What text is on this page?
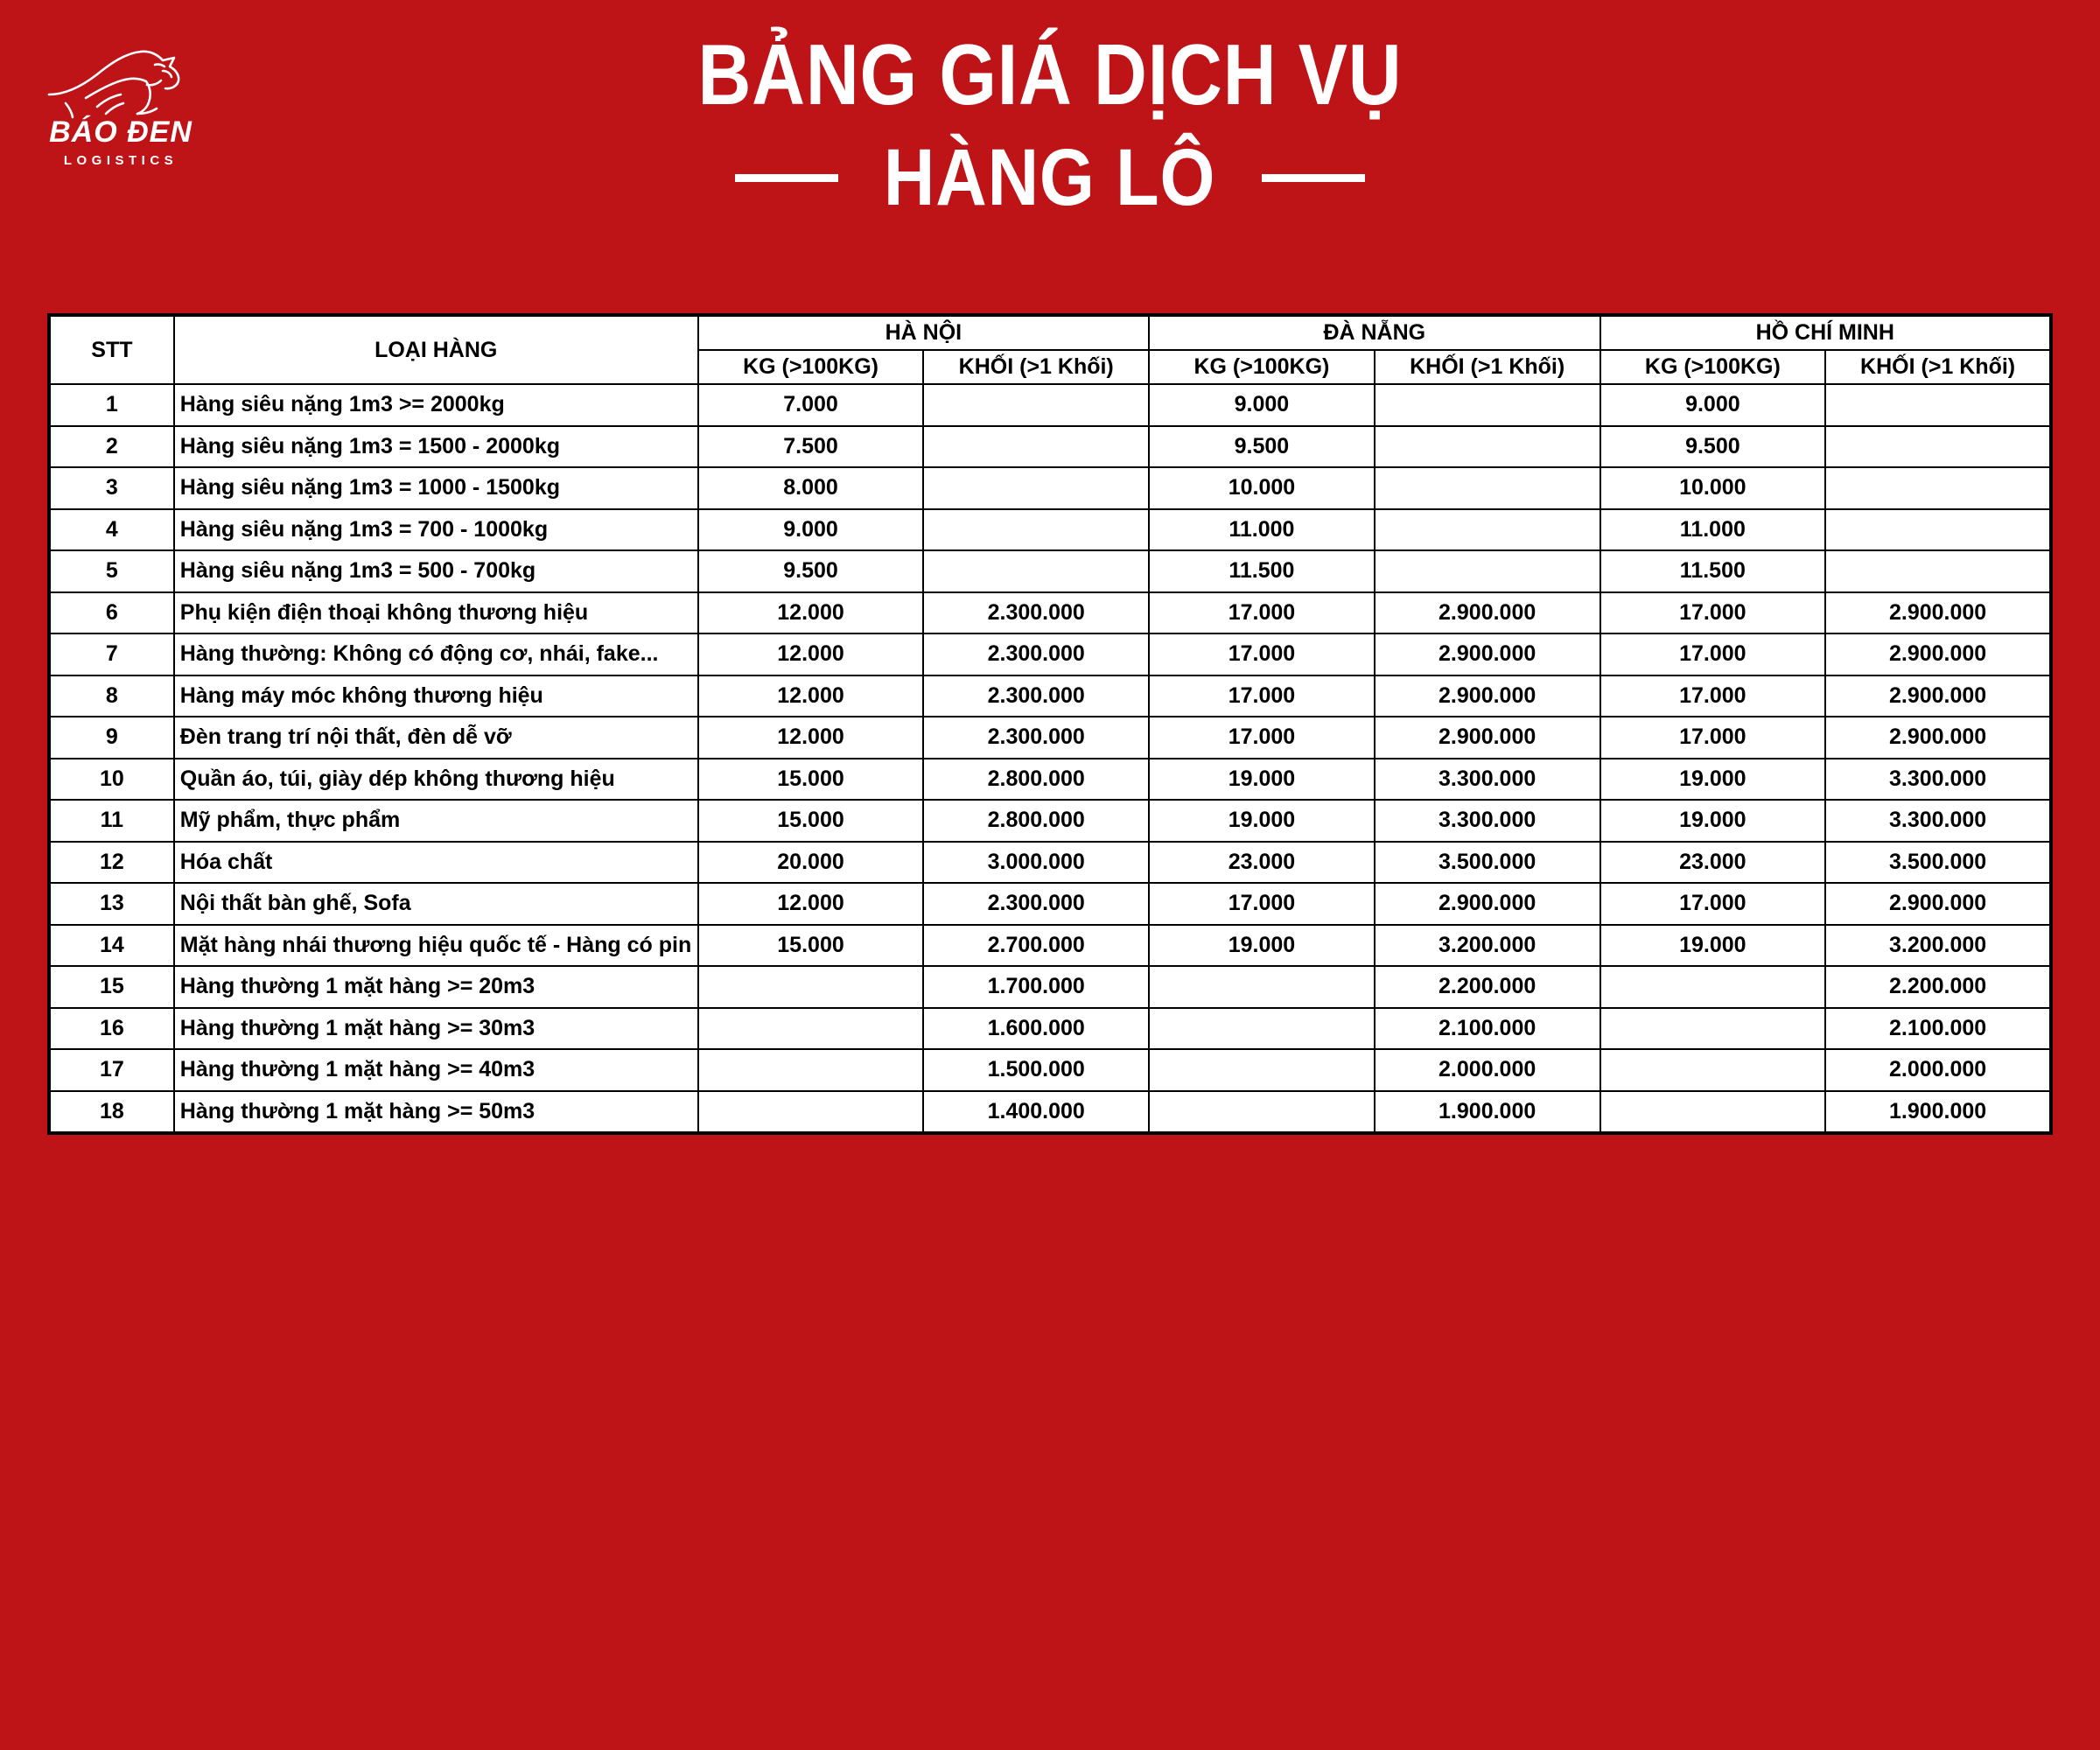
BÁO ĐEN
LOGISTICS
BẢNG GIÁ DỊCH VỤ
HÀNG LÔ
STT	LOẠI HÀNG	HÀ NỘI		ĐÀ NẴNG		HỒ CHÍ MINH	
		KG (>100KG)	KHỐI (>1 Khối)	KG (>100KG)	KHỐI (>1 Khối)	KG (>100KG)	KHỐI (>1 Khối)
1	Hàng siêu nặng 1m3 >= 2000kg	7.000		9.000		9.000	
2	Hàng siêu nặng 1m3 = 1500 - 2000kg	7.500		9.500		9.500	
3	Hàng siêu nặng 1m3 = 1000 - 1500kg	8.000		10.000		10.000	
4	Hàng siêu nặng 1m3 = 700 - 1000kg	9.000		11.000		11.000	
5	Hàng siêu nặng 1m3 = 500 - 700kg	9.500		11.500		11.500	
6	Phụ kiện điện thoại không thương hiệu	12.000	2.300.000	17.000	2.900.000	17.000	2.900.000
7	Hàng thường: Không có động cơ, nhái, fake...	12.000	2.300.000	17.000	2.900.000	17.000	2.900.000
8	Hàng máy móc không thương hiệu	12.000	2.300.000	17.000	2.900.000	17.000	2.900.000
9	Đèn trang trí nội thất, đèn dễ vỡ	12.000	2.300.000	17.000	2.900.000	17.000	2.900.000
10	Quần áo, túi, giày dép không thương hiệu	15.000	2.800.000	19.000	3.300.000	19.000	3.300.000
11	Mỹ phẩm, thực phẩm	15.000	2.800.000	19.000	3.300.000	19.000	3.300.000
12	Hóa chất	20.000	3.000.000	23.000	3.500.000	23.000	3.500.000
13	Nội thất bàn ghế, Sofa	12.000	2.300.000	17.000	2.900.000	17.000	2.900.000
14	Mặt hàng nhái thương hiệu quốc tế - Hàng có pin	15.000	2.700.000	19.000	3.200.000	19.000	3.200.000
15	Hàng thường 1 mặt hàng >= 20m3		1.700.000		2.200.000		2.200.000
16	Hàng thường 1 mặt hàng >= 30m3		1.600.000		2.100.000		2.100.000
17	Hàng thường 1 mặt hàng >= 40m3		1.500.000		2.000.000		2.000.000
18	Hàng thường 1 mặt hàng >= 50m3		1.400.000		1.900.000		1.900.000
